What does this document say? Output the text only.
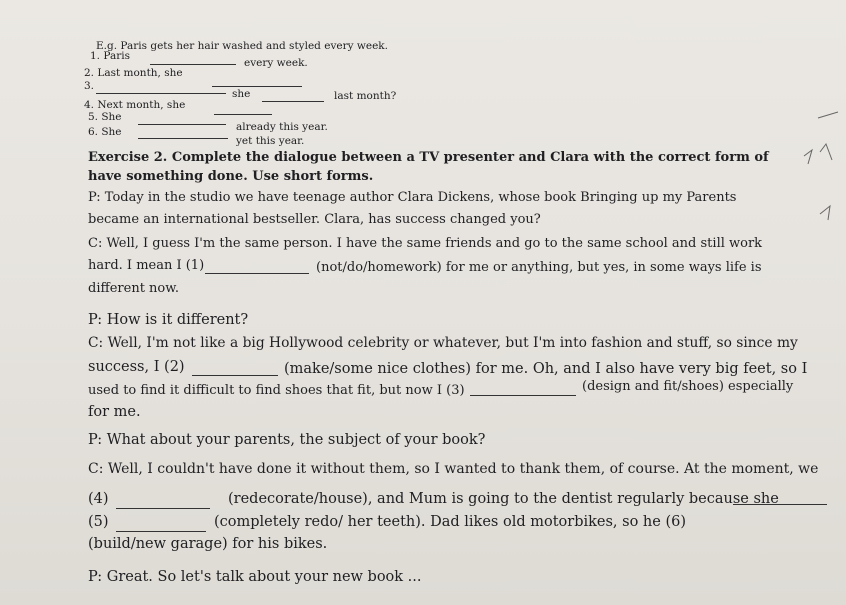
E.g. Paris gets her hair washed and styled every week.
1. Paris
every week.
2. Last month, she
3.
she	last month?
4. Next month, she
5. She
already this year.
6. She
yet this year.
Exercise 2. Complete the dialogue between a TV presenter and Clara with the correct form of
have something done. Use short forms.
P: Today in the studio we have teenage author Clara Dickens, whose book Bringing up my Parents
became an international bestseller. Clara, has success changed you?
C: Well, I guess I'm the same person. I have the same friends and go to the same school and still work
hard. I mean I (1)	(not/do/homework) for me or anything, but yes, in some ways life is
different now.
P: How is it different?
C: Well, I'm not like a big Hollywood celebrity or whatever, but I'm into fashion and stuff, so since my
success, I (2)	(make/some nice clothes) for me. Oh, and I also have very big feet, so I
used to find it difficult to find shoes that fit, but now I (3)	(design and fit/shoes) especially
for me.
P: What about your parents, the subject of your book?
C: Well, I couldn't have done it without them, so I wanted to thank them, of course. At the moment, we
(4)	(redecorate/house), and Mum is going to the dentist regularly because she
(5)	(completely redo/ her teeth). Dad likes old motorbikes, so he (6)
(build/new garage) for his bikes.
P: Great. So let's talk about your new book ...
